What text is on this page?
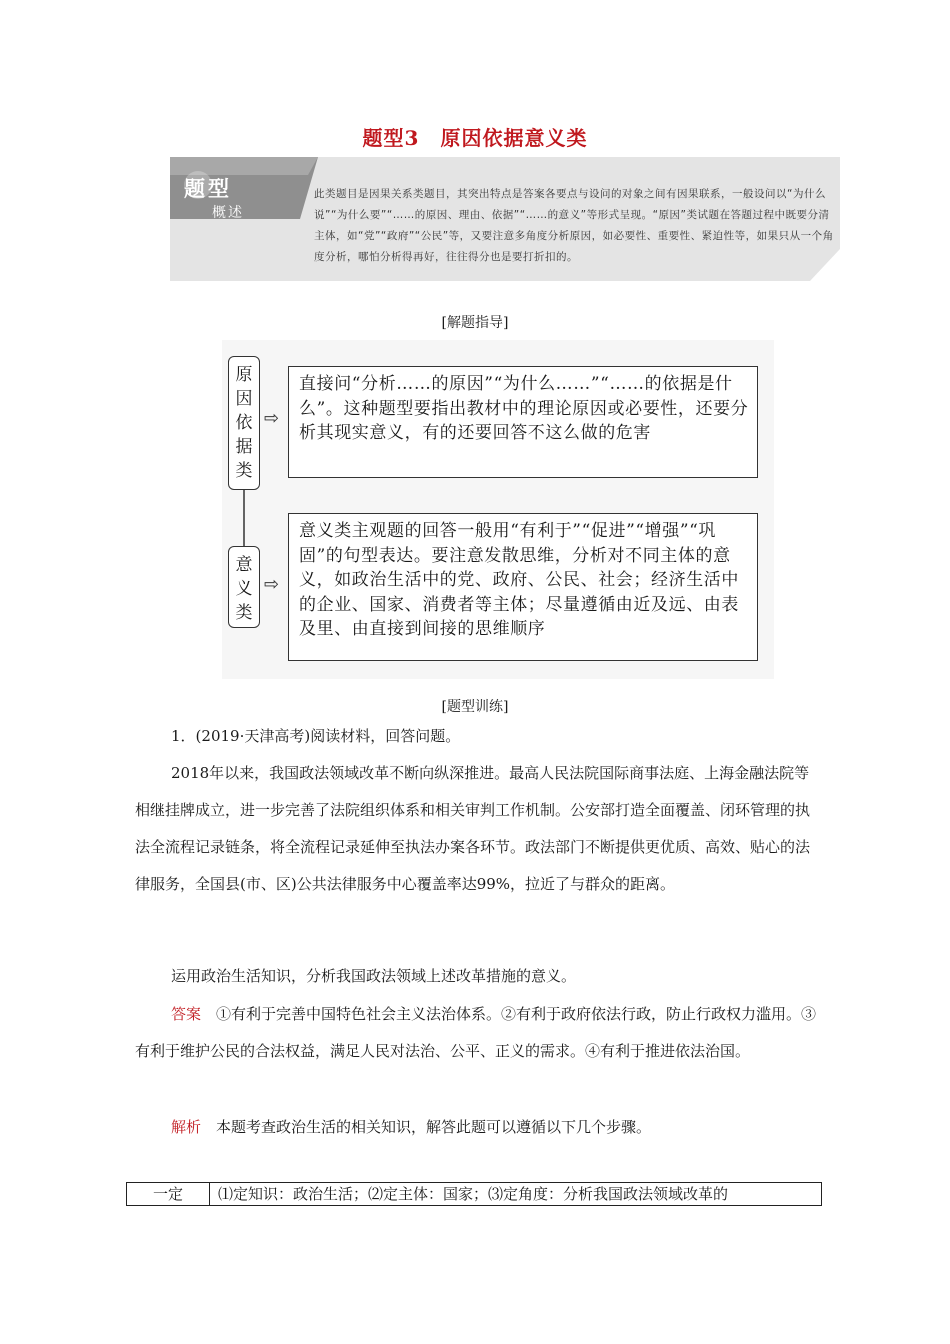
题型3　原因依据意义类
题型
概述
此类题目是因果关系类题目，其突出特点是答案各要点与设问的对象之间有因果联系，一般设问以“为什么说”“为什么要”“……的原因、理由、依据”“……的意义”等形式呈现。“原因”类试题在答题过程中既要分清主体，如“党”“政府”“公民”等，又要注意多角度分析原因，如必要性、重要性、紧迫性等，如果只从一个角度分析，哪怕分析得再好，往往得分也是要打折扣的。
[解题指导]
原
因
依
据
类
⇨
直接问“分析……的原因”“为什么……”“……的依据是什么”。这种题型要指出教材中的理论原因或必要性，还要分析其现实意义，有的还要回答不这么做的危害
意
义
类
⇨
意义类主观题的回答一般用“有利于”“促进”“增强”“巩固”的句型表达。要注意发散思维，分析对不同主体的意义，如政治生活中的党、政府、公民、社会；经济生活中的企业、国家、消费者等主体；尽量遵循由近及远、由表及里、由直接到间接的思维顺序
[题型训练]
1．(2019·天津高考)阅读材料，回答问题。
2018年以来，我国政法领域改革不断向纵深推进。最高人民法院国际商事法庭、上海金融法院等相继挂牌成立，进一步完善了法院组织体系和相关审判工作机制。公安部打造全面覆盖、闭环管理的执法全流程记录链条，将全流程记录延伸至执法办案各环节。政法部门不断提供更优质、高效、贴心的法律服务，全国县(市、区)公共法律服务中心覆盖率达99%，拉近了与群众的距离。
运用政治生活知识，分析我国政法领域上述改革措施的意义。
答案　 ①有利于完善中国特色社会主义法治体系。②有利于政府依法行政，防止行政权力滥用。③有利于维护公民的合法权益，满足人民对法治、公平、正义的需求。④有利于推进依法治国。
解析　 本题考查政治生活的相关知识，解答此题可以遵循以下几个步骤。
一定	⑴定知识：政治生活；⑵定主体：国家；⑶定角度：分析我国政法领域改革的
